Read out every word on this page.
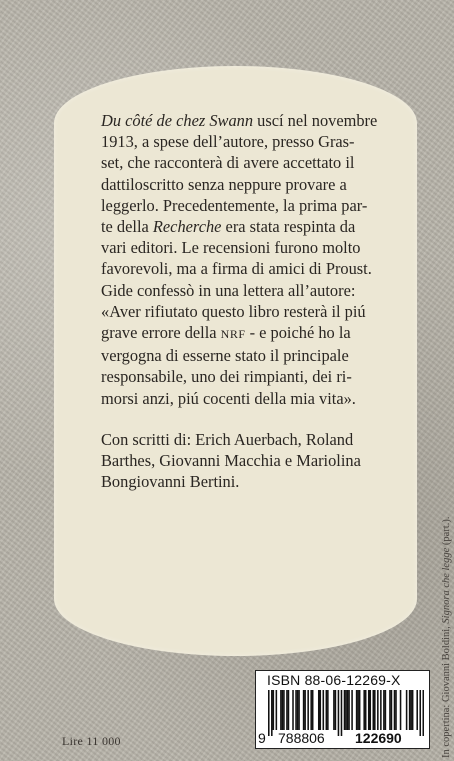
Du côté de chez Swann uscí nel novembre
1913, a spese dell’autore, presso Gras-
set, che racconterà di avere accettato il
dattiloscritto senza neppure provare a
leggerlo. Precedentemente, la prima par-
te della Recherche era stata respinta da
vari editori. Le recensioni furono molto
favorevoli, ma a firma di amici di Proust.
Gide confessò in una lettera all’autore:
«Aver rifiutato questo libro resterà il piú
grave errore della NRF - e poiché ho la
vergogna di esserne stato il principale
responsabile, uno dei rimpianti, dei ri-
morsi anzi, piú cocenti della mia vita».

Con scritti di: Erich Auerbach, Roland
Barthes, Giovanni Macchia e Mariolina
Bongiovanni Bertini.

ISBN 88-06-12269-X
9 788806 122690
Lire 11 000	In copertina: Giovanni Boldini, Signora che legge (part.).
